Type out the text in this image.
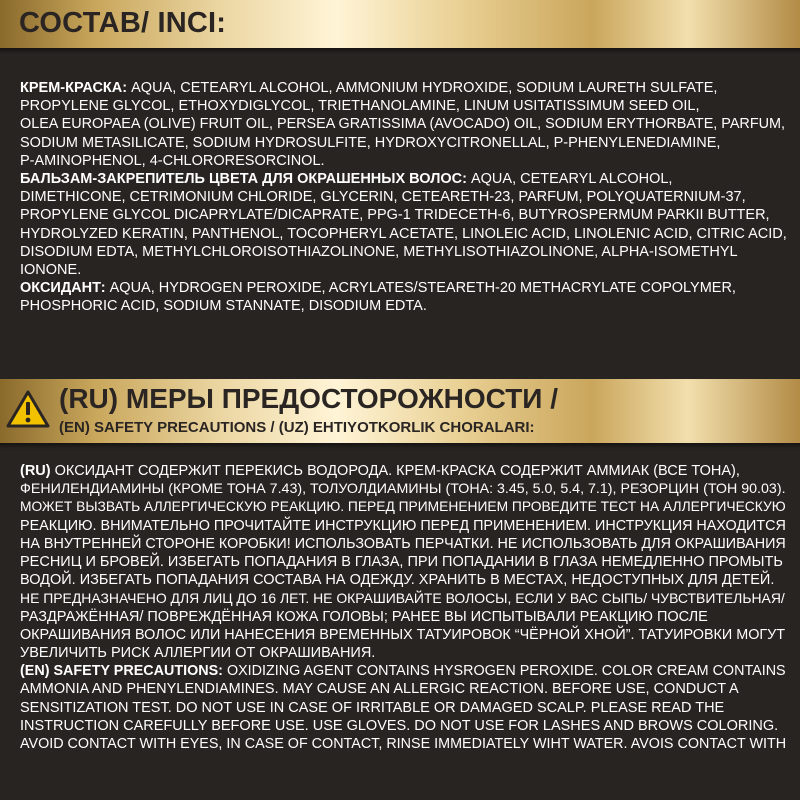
СОСТАВ/ INCI:
КРЕМ-КРАСКА: AQUA, CETEARYL ALCOHOL, AMMONIUM HYDROXIDE, SODIUM LAURETH SULFATE,
PROPYLENE GLYCOL, ETHOXYDIGLYCOL, TRIETHANOLAMINE, LINUM USITATISSIMUM SEED OIL,
OLEA EUROPAEA (OLIVE) FRUIT OIL, PERSEA GRATISSIMA (AVOCADO) OIL, SODIUM ERYTHORBATE, PARFUM,
SODIUM METASILICATE, SODIUM HYDROSULFITE, HYDROXYCITRONELLAL, P-PHENYLENEDIAMINE,
P-AMINOPHENOL, 4-CHLORORESORCINOL.
БАЛЬЗАМ-ЗАКРЕПИТЕЛЬ ЦВЕТА ДЛЯ ОКРАШЕННЫХ ВОЛОС: AQUA, CETEARYL ALCOHOL,
DIMETHICONE, CETRIMONIUM CHLORIDE, GLYCERIN, CETEARETH-23, PARFUM, POLYQUATERNIUM-37,
PROPYLENE GLYCOL DICAPRYLATE/DICAPRATE, PPG-1 TRIDECETH-6, BUTYROSPERMUM PARKII BUTTER,
HYDROLYZED KERATIN, PANTHENOL, TOCOPHERYL ACETATE, LINOLEIC ACID, LINOLENIC ACID, CITRIC ACID,
DISODIUM EDTA, METHYLCHLOROISOTHIAZOLINONE, METHYLISOTHIAZOLINONE, ALPHA-ISOMETHYL
IONONE.
ОКСИДАНТ: AQUA, HYDROGEN PEROXIDE, ACRYLATES/STEARETH-20 METHACRYLATE COPOLYMER,
PHOSPHORIC ACID, SODIUM STANNATE, DISODIUM EDTA.
(RU) МЕРЫ ПРЕДОСТОРОЖНОСТИ /
(EN) SAFETY PRECAUTIONS / (UZ) EHTIYOTKORLIK CHORALARI:
(RU) ОКСИДАНТ СОДЕРЖИТ ПЕРЕКИСЬ ВОДОРОДА. КРЕМ-КРАСКА СОДЕРЖИТ АММИАК (ВСЕ ТОНА),
ФЕНИЛЕНДИАМИНЫ (КРОМЕ ТОНА 7.43), ТОЛУОЛДИАМИНЫ (ТОНА: 3.45, 5.0, 5.4, 7.1), РЕЗОРЦИН (ТОН 90.03).
МОЖЕТ ВЫЗВАТЬ АЛЛЕРГИЧЕСКУЮ РЕАКЦИЮ. ПЕРЕД ПРИМЕНЕНИЕМ ПРОВЕДИТЕ ТЕСТ НА АЛЛЕРГИЧЕСКУЮ
РЕАКЦИЮ. ВНИМАТЕЛЬНО ПРОЧИТАЙТЕ ИНСТРУКЦИЮ ПЕРЕД ПРИМЕНЕНИЕМ. ИНСТРУКЦИЯ НАХОДИТСЯ
НА ВНУТРЕННЕЙ СТОРОНЕ КОРОБКИ! ИСПОЛЬЗОВАТЬ ПЕРЧАТКИ. НЕ ИСПОЛЬЗОВАТЬ ДЛЯ ОКРАШИВАНИЯ
РЕСНИЦ И БРОВЕЙ. ИЗБЕГАТЬ ПОПАДАНИЯ В ГЛАЗА, ПРИ ПОПАДАНИИ В ГЛАЗА НЕМЕДЛЕННО ПРОМЫТЬ
ВОДОЙ. ИЗБЕГАТЬ ПОПАДАНИЯ СОСТАВА НА ОДЕЖДУ. ХРАНИТЬ В МЕСТАХ, НЕДОСТУПНЫХ ДЛЯ ДЕТЕЙ.
НЕ ПРЕДНАЗНАЧЕНО ДЛЯ ЛИЦ ДО 16 ЛЕТ. НЕ ОКРАШИВАЙТЕ ВОЛОСЫ, ЕСЛИ У ВАС СЫПЬ/ ЧУВСТВИТЕЛЬНАЯ/
РАЗДРАЖЁННАЯ/ ПОВРЕЖДЁННАЯ КОЖА ГОЛОВЫ; РАНЕЕ ВЫ ИСПЫТЫВАЛИ РЕАКЦИЮ ПОСЛЕ
ОКРАШИВАНИЯ ВОЛОС ИЛИ НАНЕСЕНИЯ ВРЕМЕННЫХ ТАТУИРОВОК “ЧЁРНОЙ ХНОЙ”. ТАТУИРОВКИ МОГУТ
УВЕЛИЧИТЬ РИСК АЛЛЕРГИИ ОТ ОКРАШИВАНИЯ.
(EN) SAFETY PRECAUTIONS: OXIDIZING AGENT CONTAINS HYSROGEN PEROXIDE. COLOR CREAM CONTAINS
AMMONIA AND PHENYLENDIAMINES. MAY CAUSE AN ALLERGIC REACTION. BEFORE USE, CONDUCT A
SENSITIZATION TEST. DO NOT USE IN CASE OF IRRITABLE OR DAMAGED SCALP. PLEASE READ THE
INSTRUCTION CAREFULLY BEFORE USE. USE GLOVES. DO NOT USE FOR LASHES AND BROWS COLORING.
AVOID CONTACT WITH EYES, IN CASE OF CONTACT, RINSE IMMEDIATELY WIHT WATER. AVOIS CONTACT WITH
